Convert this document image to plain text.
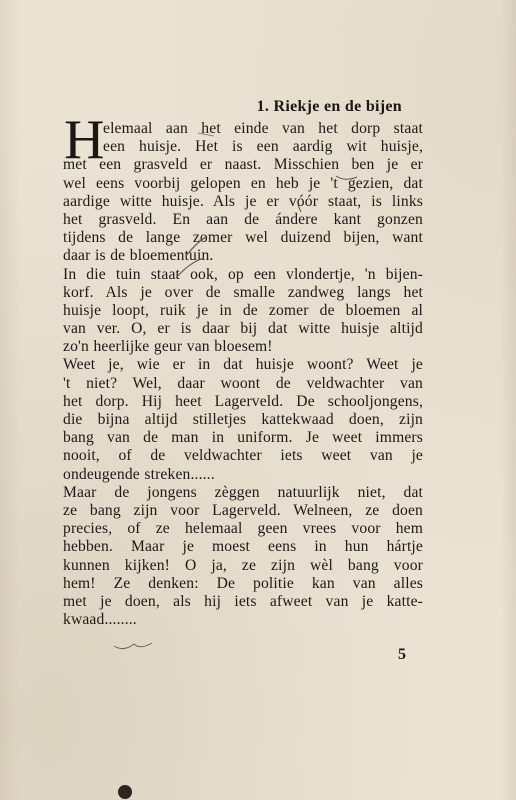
1. Riekje en de bijen
H
elemaal aan het einde van het dorp staat
een huisje. Het is een aardig wit huisje,
met een grasveld er naast. Misschien ben je er
wel eens voorbij gelopen en heb je 't gezien, dat
aardige witte huisje. Als je er vóór staat, is links
het grasveld. En aan de ándere kant gonzen
tijdens de lange zomer wel duizend bijen, want
daar is de bloementuin.
In die tuin staat ook, op een vlondertje, 'n bijen-
korf. Als je over de smalle zandweg langs het
huisje loopt, ruik je in de zomer de bloemen al
van ver. O, er is daar bij dat witte huisje altijd
zo'n heerlijke geur van bloesem!
Weet je, wie er in dat huisje woont? Weet je
't niet? Wel, daar woont de veldwachter van
het dorp. Hij heet Lagerveld. De schooljongens,
die bijna altijd stilletjes kattekwaad doen, zijn
bang van de man in uniform. Je weet immers
nooit, of de veldwachter iets weet van je
ondeugende streken......
Maar de jongens zèggen natuurlijk niet, dat
ze bang zijn voor Lagerveld. Welneen, ze doen
precies, of ze helemaal geen vrees voor hem
hebben. Maar je moest eens in hun hártje
kunnen kijken! O ja, ze zijn wèl bang voor
hem! Ze denken: De politie kan van alles
met je doen, als hij iets afweet van je katte-
kwaad........
5
